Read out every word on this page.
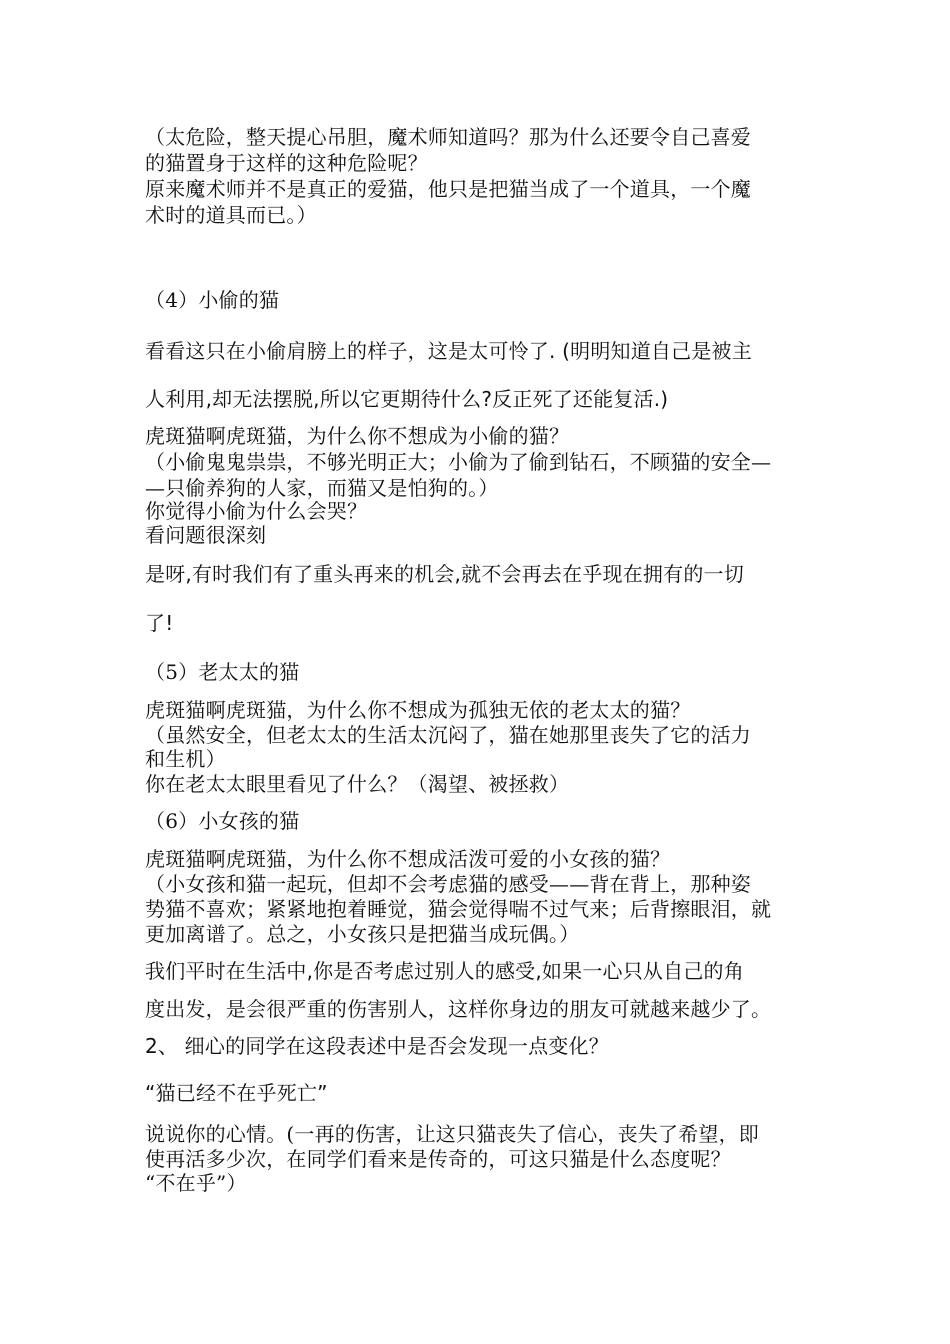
（太危险，整天提心吊胆，魔术师知道吗？那为什么还要令自己喜爱

的猫置身于这样的这种危险呢？

原来魔术师并不是真正的爱猫，他只是把猫当成了一个道具，一个魔

术时的道具而已。）

（4）小偷的猫

看看这只在小偷肩膀上的样子，这是太可怜了. (明明知道自己是被主

人利用,却无法摆脱,所以它更期待什么?反正死了还能复活.)

虎斑猫啊虎斑猫，为什么你不想成为小偷的猫？

（小偷鬼鬼祟祟，不够光明正大；小偷为了偷到钻石，不顾猫的安全—

—只偷养狗的人家，而猫又是怕狗的。）

你觉得小偷为什么会哭？

看问题很深刻

是呀,有时我们有了重头再来的机会,就不会再去在乎现在拥有的一切

了!

（5）老太太的猫

虎斑猫啊虎斑猫，为什么你不想成为孤独无依的老太太的猫？

（虽然安全，但老太太的生活太沉闷了，猫在她那里丧失了它的活力

和生机）

你在老太太眼里看见了什么？（渴望、被拯救）

（6）小女孩的猫

虎斑猫啊虎斑猫，为什么你不想成活泼可爱的小女孩的猫？

（小女孩和猫一起玩，但却不会考虑猫的感受——背在背上，那种姿

势猫不喜欢；紧紧地抱着睡觉，猫会觉得喘不过气来；后背擦眼泪，就

更加离谱了。总之，小女孩只是把猫当成玩偶。）

我们平时在生活中,你是否考虑过别人的感受,如果一心只从自己的角

度出发，是会很严重的伤害别人，这样你身边的朋友可就越来越少了。

2、 细心的同学在这段表述中是否会发现一点变化？

“猫已经不在乎死亡”

说说你的心情。(一再的伤害，让这只猫丧失了信心，丧失了希望，即

使再活多少次，在同学们看来是传奇的，可这只猫是什么态度呢？

“不在乎”）
